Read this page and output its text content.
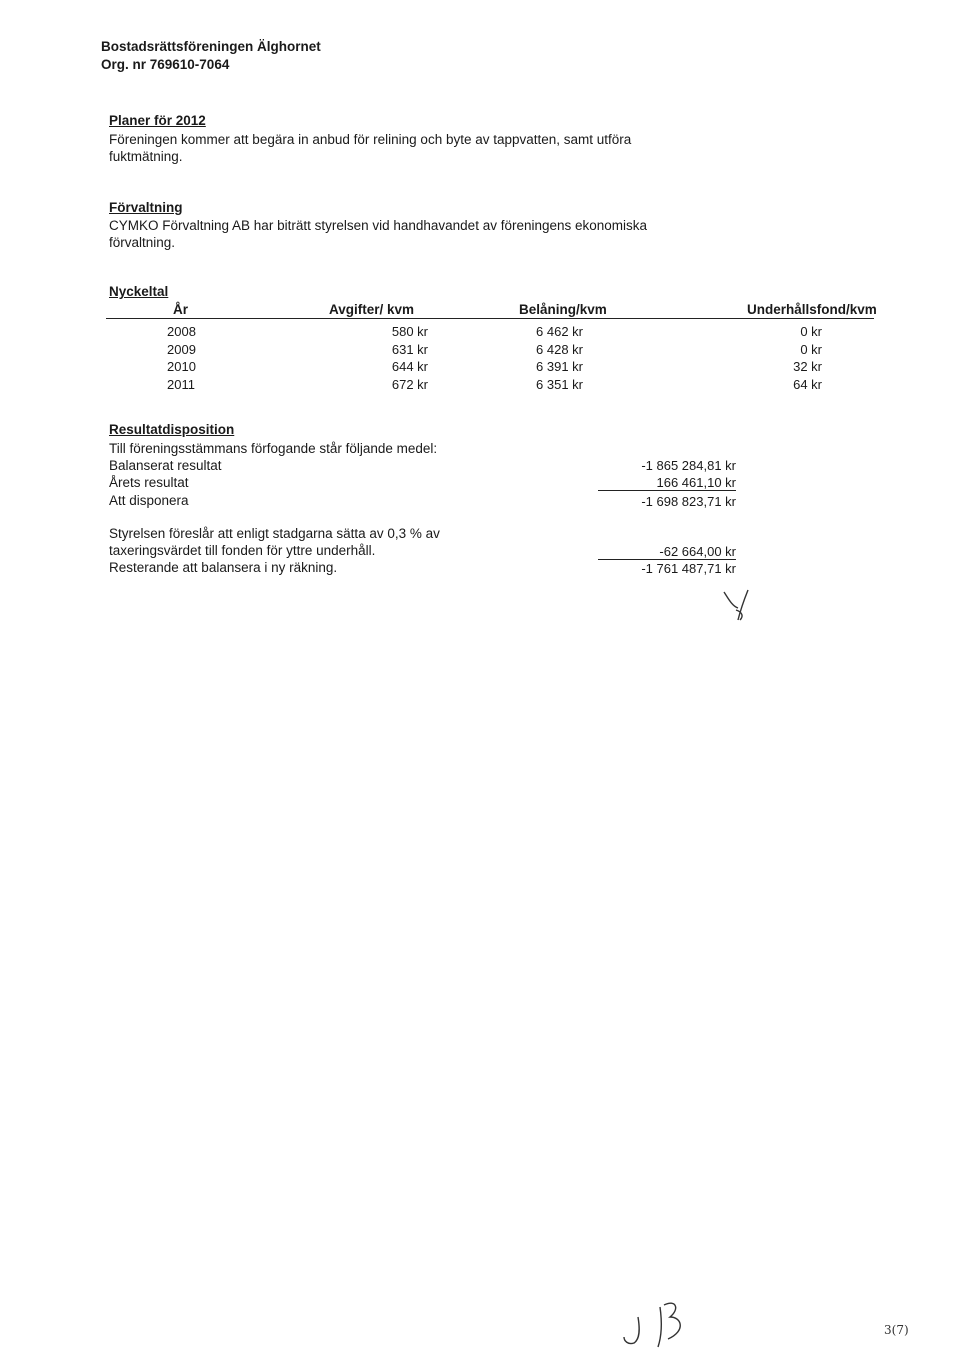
Bostadsrättsföreningen Älghornet
Org. nr 769610-7064
Planer för 2012
Föreningen kommer att begära in anbud för relining och byte av tappvatten, samt utföra
fuktmätning.
Förvaltning
CYMKO Förvaltning AB har biträtt styrelsen vid handhavandet av föreningens ekonomiska
förvaltning.
Nyckeltal
År	Avgifter/ kvm	Belåning/kvm	Underhållsfond/kvm
2008	580 kr	6 462 kr	0 kr
2009	631 kr	6 428 kr	0 kr
2010	644 kr	6 391 kr	32 kr
2011	672 kr	6 351 kr	64 kr
Resultatdisposition
Till föreningsstämmans förfogande står följande medel:
Balanserat resultat	-1 865 284,81 kr
Årets resultat	166 461,10 kr
Att disponera	-1 698 823,71 kr
Styrelsen föreslår att enligt stadgarna sätta av 0,3 % av
taxeringsvärdet till fonden för yttre underhåll.	-62 664,00 kr
Resterande att balansera i ny räkning.	-1 761 487,71 kr
3(7)
